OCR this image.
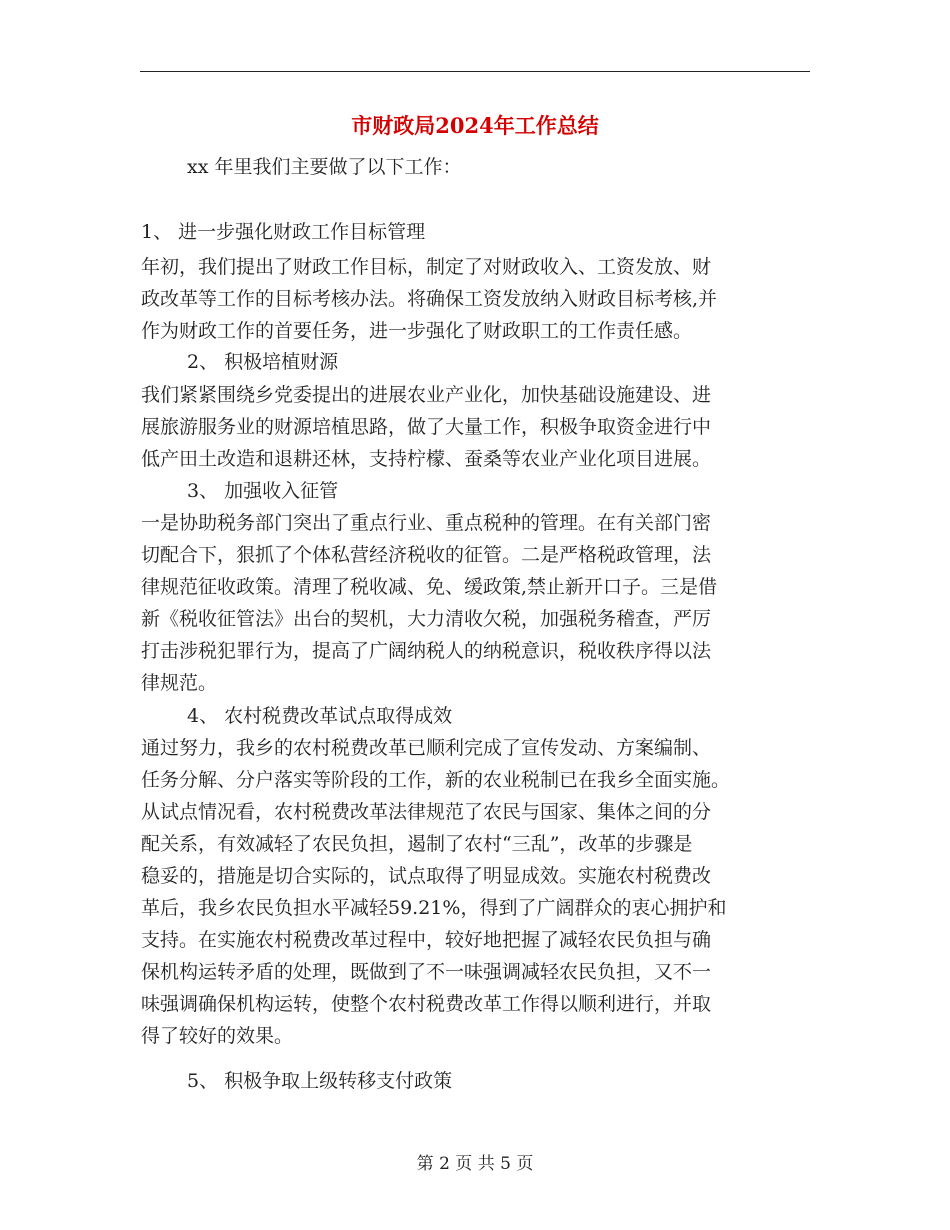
市财政局2024年工作总结
xx 年里我们主要做了以下工作：
1、 进一步强化财政工作目标管理
年初，我们提出了财政工作目标，制定了对财政收入、工资发放、财
政改革等工作的目标考核办法。将确保工资发放纳入财政目标考核,并
作为财政工作的首要任务，进一步强化了财政职工的工作责任感。
2、 积极培植财源
我们紧紧围绕乡党委提出的进展农业产业化，加快基础设施建设、进
展旅游服务业的财源培植思路，做了大量工作，积极争取资金进行中
低产田土改造和退耕还林，支持柠檬、蚕桑等农业产业化项目进展。
3、 加强收入征管
一是协助税务部门突出了重点行业、重点税种的管理。在有关部门密
切配合下，狠抓了个体私营经济税收的征管。二是严格税政管理，法
律规范征收政策。清理了税收减、免、缓政策,禁止新开口子。三是借
新《税收征管法》出台的契机，大力清收欠税，加强税务稽查，严厉
打击涉税犯罪行为，提高了广阔纳税人的纳税意识，税收秩序得以法
律规范。
4、 农村税费改革试点取得成效
通过努力，我乡的农村税费改革已顺利完成了宣传发动、方案编制、
任务分解、分户落实等阶段的工作，新的农业税制已在我乡全面实施。
从试点情况看，农村税费改革法律规范了农民与国家、集体之间的分
配关系，有效减轻了农民负担，遏制了农村“三乱”，改革的步骤是
稳妥的，措施是切合实际的，试点取得了明显成效。实施农村税费改
革后，我乡农民负担水平减轻59.21%，得到了广阔群众的衷心拥护和
支持。在实施农村税费改革过程中，较好地把握了减轻农民负担与确
保机构运转矛盾的处理，既做到了不一味强调减轻农民负担，又不一
味强调确保机构运转，使整个农村税费改革工作得以顺利进行，并取
得了较好的效果。
5、 积极争取上级转移支付政策
第 2 页 共 5 页
